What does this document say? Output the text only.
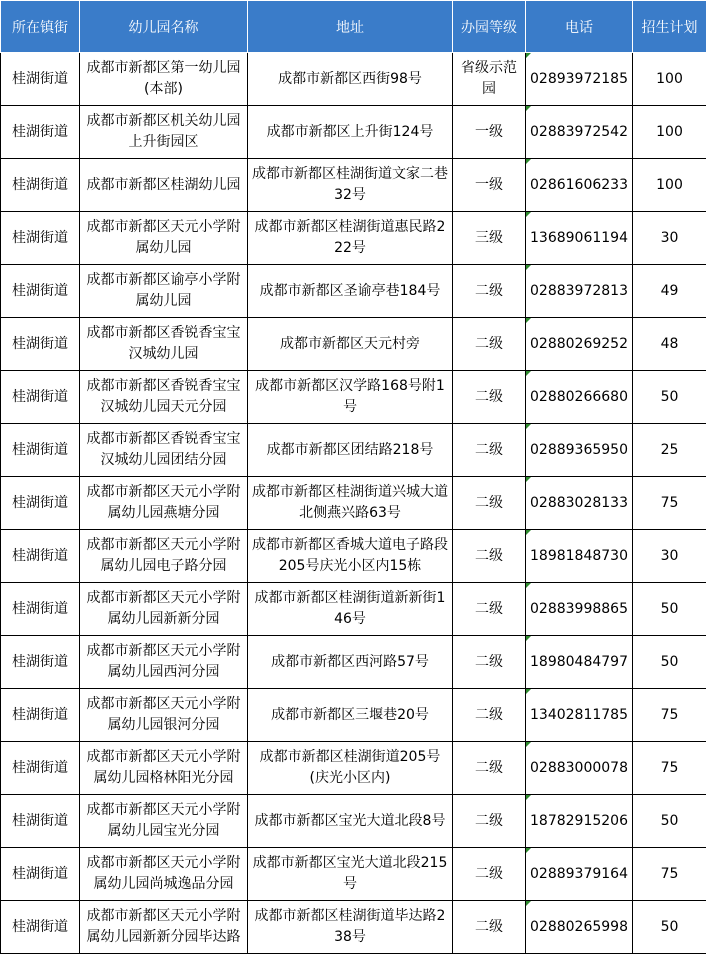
所在镇街	幼儿园名称	地址	办园等级	电话	招生计划

桂湖街道	成都市新都区第一幼儿园(本部)	成都市新都区西街98号	省级示范园	02893972185	100

桂湖街道	成都市新都区机关幼儿园上升街园区	成都市新都区上升街124号	一级	02883972542	100

桂湖街道	成都市新都区桂湖幼儿园	成都市新都区桂湖街道文家二巷32号	一级	02861606233	100

桂湖街道	成都市新都区天元小学附属幼儿园	成都市新都区桂湖街道惠民路222号	三级	13689061194	30

桂湖街道	成都市新都区谕亭小学附属幼儿园	成都市新都区圣谕亭巷184号	二级	02883972813	49

桂湖街道	成都市新都区香锐香宝宝汉城幼儿园	成都市新都区天元村旁	二级	02880269252	48

桂湖街道	成都市新都区香锐香宝宝汉城幼儿园天元分园	成都市新都区汉学路168号附1号	二级	02880266680	50

桂湖街道	成都市新都区香锐香宝宝汉城幼儿园团结分园	成都市新都区团结路218号	二级	02889365950	25

桂湖街道	成都市新都区天元小学附属幼儿园燕塘分园	成都市新都区桂湖街道兴城大道北侧燕兴路63号	二级	02883028133	75

桂湖街道	成都市新都区天元小学附属幼儿园电子路分园	成都市新都区香城大道电子路段205号庆光小区内15栋	二级	18981848730	30

桂湖街道	成都市新都区天元小学附属幼儿园新新分园	成都市新都区桂湖街道新新街146号	二级	02883998865	50

桂湖街道	成都市新都区天元小学附属幼儿园西河分园	成都市新都区西河路57号	二级	18980484797	50

桂湖街道	成都市新都区天元小学附属幼儿园银河分园	成都市新都区三堰巷20号	二级	13402811785	75

桂湖街道	成都市新都区天元小学附属幼儿园格林阳光分园	成都市新都区桂湖街道205号(庆光小区内)	二级	02883000078	75

桂湖街道	成都市新都区天元小学附属幼儿园宝光分园	成都市新都区宝光大道北段8号	二级	18782915206	50

桂湖街道	成都市新都区天元小学附属幼儿园尚城逸品分园	成都市新都区宝光大道北段215号	二级	02889379164	75

桂湖街道	成都市新都区天元小学附属幼儿园新新分园毕达路	成都市新都区桂湖街道毕达路238号	二级	02880265998	50
